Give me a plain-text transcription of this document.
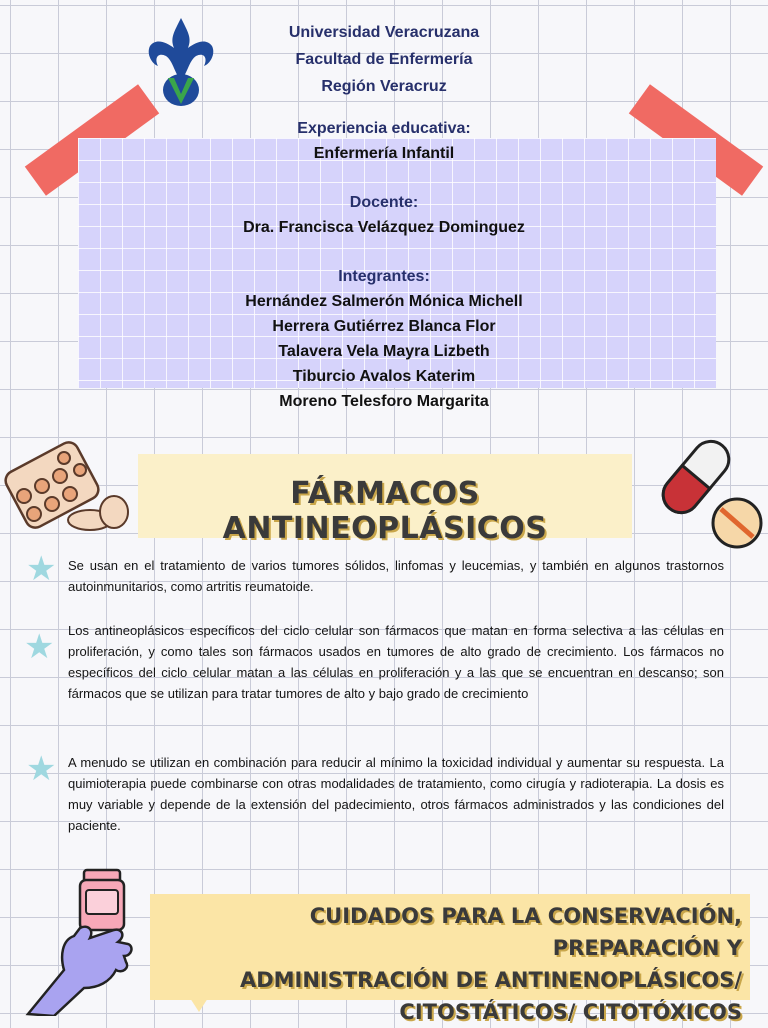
Universidad Veracruzana
Facultad de Enfermería
Región Veracruz
Experiencia educativa:
Enfermería Infantil
Docente:
Dra. Francisca Velázquez Dominguez
Integrantes:
Hernández Salmerón Mónica Michell
Herrera Gutiérrez Blanca Flor
Talavera Vela Mayra Lizbeth
Tiburcio Avalos Katerim
Moreno Telesforo Margarita
FÁRMACOS ANTINEOPLÁSICOS
★ Se usan en el tratamiento de varios tumores sólidos, linfomas y leucemias, y también en algunos trastornos autoinmunitarios, como artritis reumatoide.
★ Los antineoplásicos específicos del ciclo celular son fármacos que matan en forma selectiva a las células en proliferación, y como tales son fármacos usados en tumores de alto grado de crecimiento. Los fármacos no específicos del ciclo celular matan a las células en proliferación y a las que se encuentran en descanso; son fármacos que se utilizan para tratar tumores de alto y bajo grado de crecimiento
★ A menudo se utilizan en combinación para reducir al mínimo la toxicidad individual y aumentar su respuesta. La quimioterapia puede combinarse con otras modalidades de tratamiento, como cirugía y radioterapia. La dosis es muy variable y depende de la extensión del padecimiento, otros fármacos administrados y las condiciones del paciente.
CUIDADOS PARA LA CONSERVACIÓN, PREPARACIÓN Y
ADMINISTRACIÓN DE ANTINENOPLÁSICOS/
CITOSTÁTICOS/ CITOTÓXICOS
